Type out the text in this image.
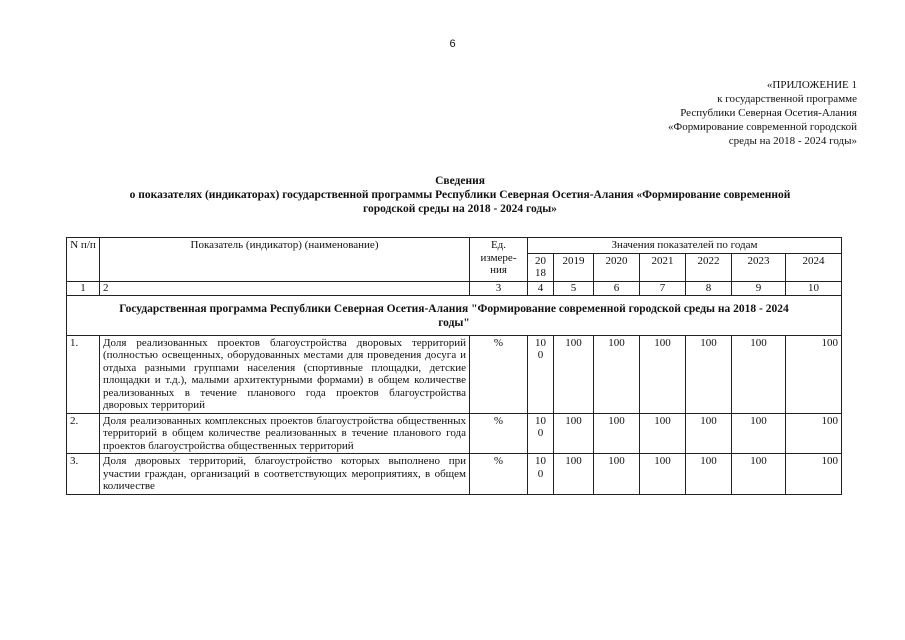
6
«ПРИЛОЖЕНИЕ 1
к государственной программе
Республики Северная Осетия-Алания
«Формирование современной городской
среды на 2018 - 2024 годы»
Сведения
о показателях (индикаторах) государственной программы Республики Северная Осетия-Алания «Формирование современной
городской среды на 2018 - 2024 годы»
N п/п	Показатель (индикатор) (наименование)	Ед. измере-ния	Значения показателей по годам						
			20 18	2019	2020	2021	2022	2023	2024
1	2	3	4	5	6	7	8	9	10
Государственная программа Республики Северная Осетия-Алания "Формирование современной городской среды на 2018 - 2024 годы"									
1.	Доля реализованных проектов благоустройства дворовых территорий (полностью освещенных, оборудованных местами для проведения досуга и отдыха разными группами населения (спортивные площадки, детские площадки и т.д.), малыми архитектурными формами) в общем количестве реализованных в течение планового года проектов благоустройства дворовых территорий	%	10 0	100	100	100	100	100	100
2.	Доля реализованных комплексных проектов благоустройства общественных территорий в общем количестве реализованных в течение планового года проектов благоустройства общественных территорий	%	10 0	100	100	100	100	100	100
3.	Доля дворовых территорий, благоустройство которых выполнено при участии граждан, организаций в соответствующих мероприятиях, в общем количестве	%	10 0	100	100	100	100	100	100
